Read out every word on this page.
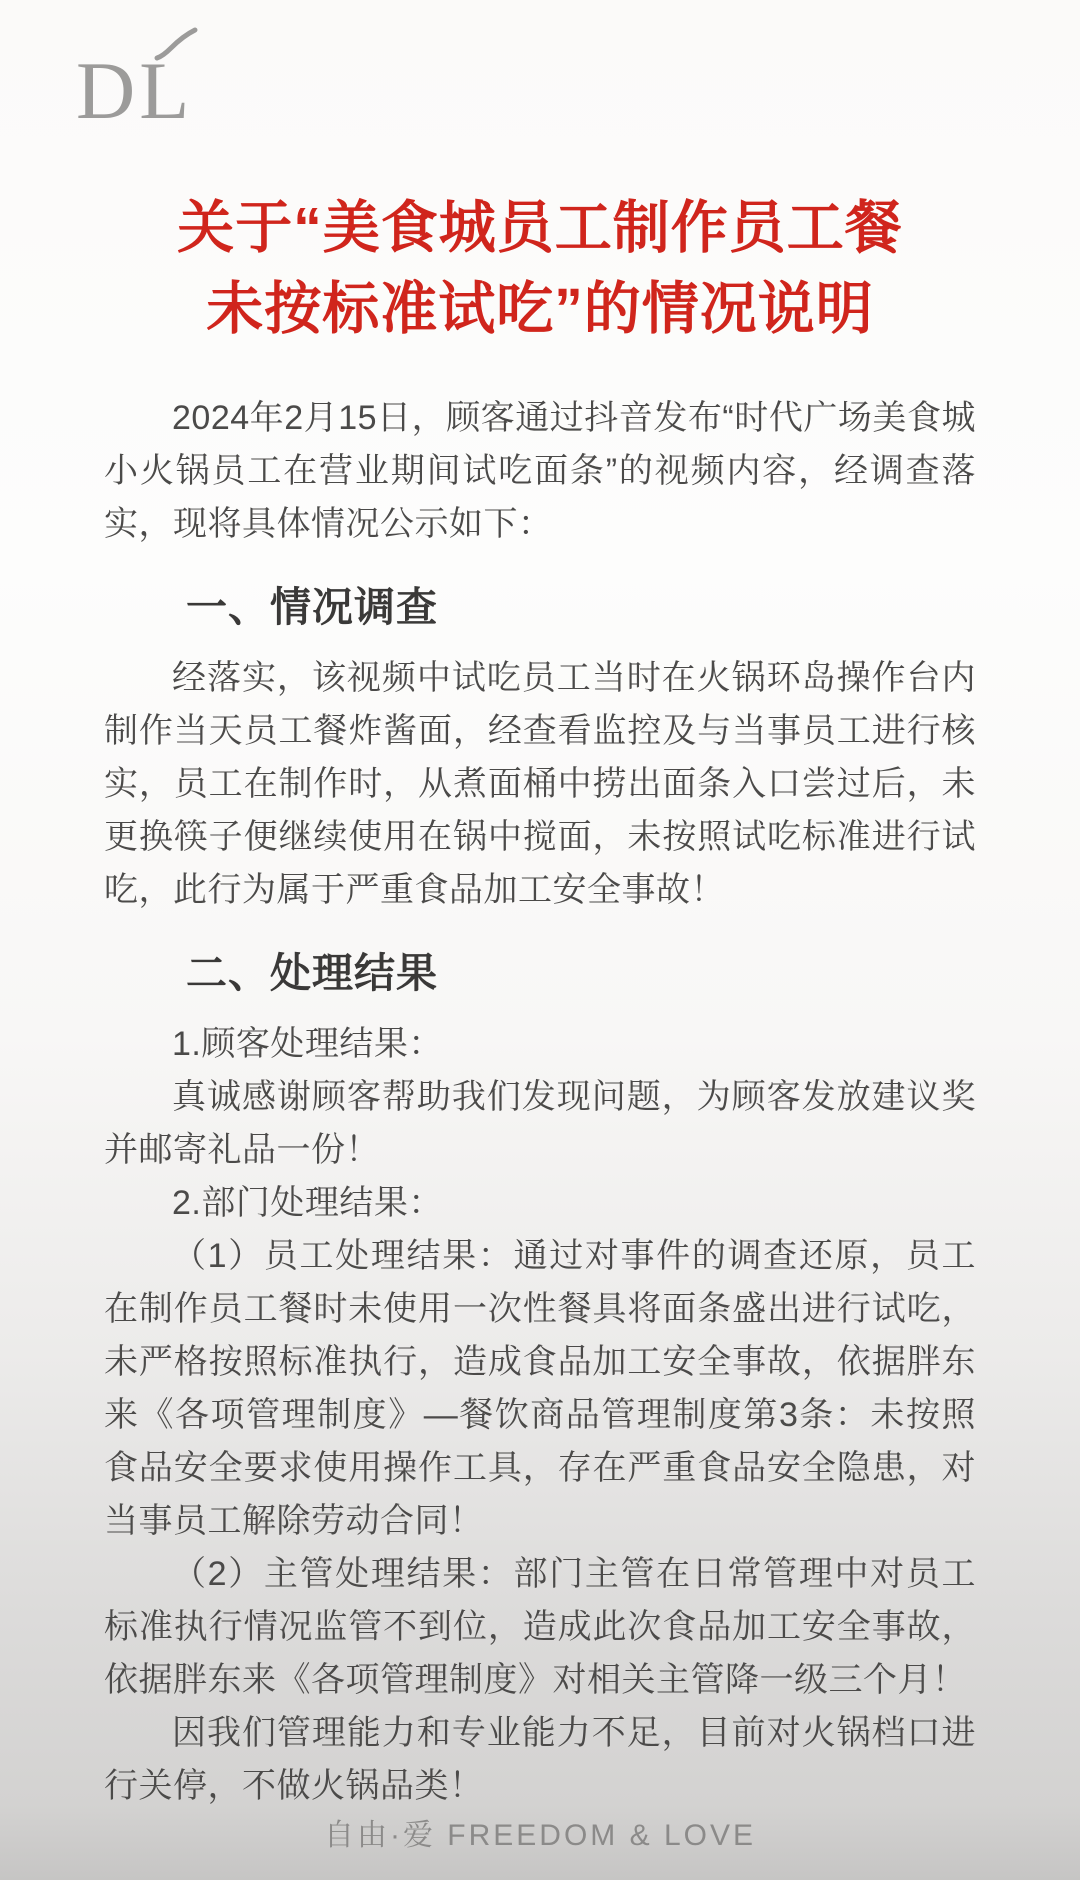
DL
关于“美食城员工制作员工餐
未按标准试吃”的情况说明

2024年2月15日，顾客通过抖音发布“时代广场美食城小火锅员工在营业期间试吃面条”的视频内容，经调查落实，现将具体情况公示如下：

一、情况调查

经落实，该视频中试吃员工当时在火锅环岛操作台内制作当天员工餐炸酱面，经查看监控及与当事员工进行核实，员工在制作时，从煮面桶中捞出面条入口尝过后，未更换筷子便继续使用在锅中搅面，未按照试吃标准进行试吃，此行为属于严重食品加工安全事故！

二、处理结果

1.顾客处理结果：

真诚感谢顾客帮助我们发现问题，为顾客发放建议奖并邮寄礼品一份！

2.部门处理结果：

（1）员工处理结果：通过对事件的调查还原，员工在制作员工餐时未使用一次性餐具将面条盛出进行试吃，未严格按照标准执行，造成食品加工安全事故，依据胖东来《各项管理制度》—餐饮商品管理制度第3条：未按照食品安全要求使用操作工具，存在严重食品安全隐患，对当事员工解除劳动合同！

（2）主管处理结果：部门主管在日常管理中对员工标准执行情况监管不到位，造成此次食品加工安全事故，依据胖东来《各项管理制度》对相关主管降一级三个月！

因我们管理能力和专业能力不足，目前对火锅档口进行关停，不做火锅品类！

自由·爱 FREEDOM & LOVE
